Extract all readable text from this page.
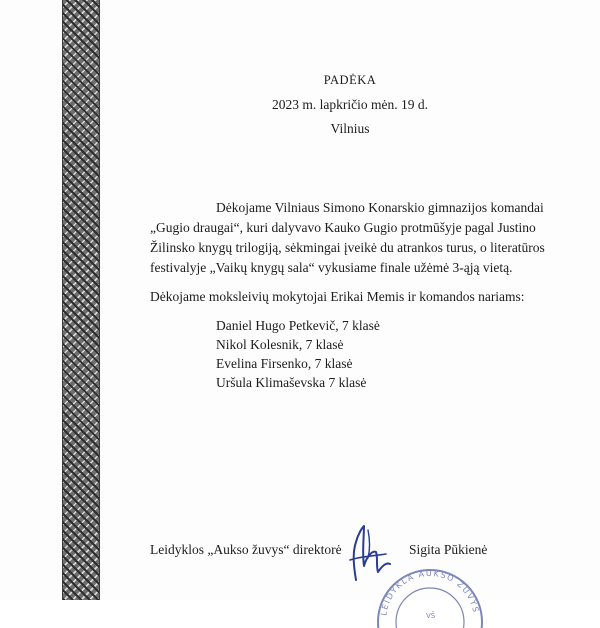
PADĖKA
2023 m. lapkričio mėn. 19 d.
Vilnius
Dėkojame Vilniaus Simono Konarskio gimnazijos komandai
„Gugio draugai“, kuri dalyvavo Kauko Gugio protmūšyje pagal Justino
Žilinsko knygų trilogiją, sėkmingai įveikė du atrankos turus, o literatūros
festivalyje „Vaikų knygų sala“ vykusiame finale užėmė 3-ąją vietą.
Dėkojame moksleivių mokytojai Erikai Memis ir komandos nariams:
Daniel Hugo Petkevič, 7 klasė
Nikol Kolesnik, 7 klasė
Evelina Firsenko, 7 klasė
Uršula Klimaševska 7 klasė
Leidyklos „Aukso žuvys“ direktorė	Sigita Pūkienė
LEIDYKLA AUKSO ŽUVYS
VŠ
